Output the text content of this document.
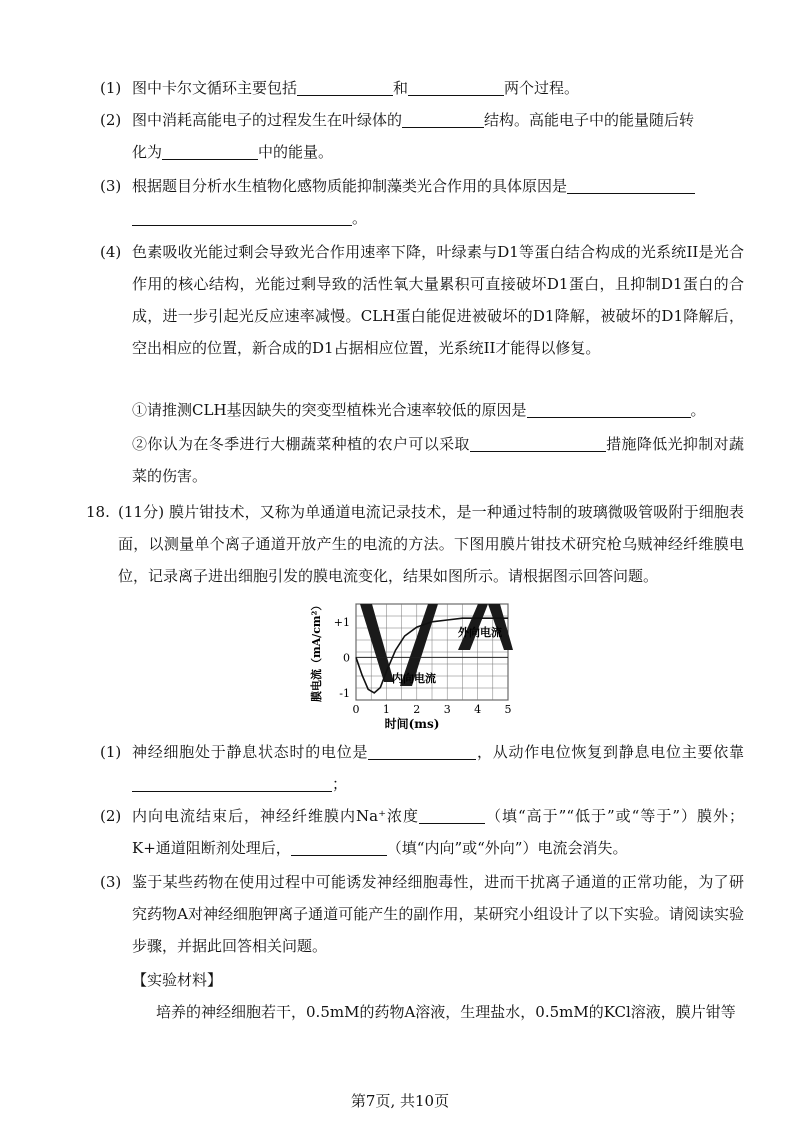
(1) 图中卡尔文循环主要包括	和	两个过程。
(2) 图中消耗高能电子的过程发生在叶绿体的	结构。高能电子中的能量随后转
化为	中的能量。
(3) 根据题目分析水生植物化感物质能抑制藻类光合作用的具体原因是
。
(4) 色素吸收光能过剩会导致光合作用速率下降，叶绿素与D1等蛋白结合构成的光系统II是光合作用的核心结构，光能过剩导致的活性氧大量累积可直接破坏D1蛋白，且抑制D1蛋白的合成，进一步引起光反应速率减慢。CLH蛋白能促进被破坏的D1降解，被破坏的D1降解后，空出相应的位置，新合成的D1占据相应位置，光系统II才能得以修复。
①请推测CLH基因缺失的突变型植株光合速率较低的原因是	。
②你认为在冬季进行大棚蔬菜种植的农户可以采取	措施降低光抑制对蔬菜的伤害。
18. (11分) 膜片钳技术，又称为单通道电流记录技术，是一种通过特制的玻璃微吸管吸附于细胞表面，以测量单个离子通道开放产生的电流的方法。下图用膜片钳技术研究枪乌贼神经纤维膜电位，记录离子进出细胞引发的膜电流变化，结果如图所示。请根据图示回答问题。
+1
0
-1
0 1 2 3 4 5
膜电流（mA/cm²）
时间(ms)
外向电流
内向电流
(1) 神经细胞处于静息状态时的电位是	，从动作电位恢复到静息电位主要依靠；
(2) 内向电流结束后，神经纤维膜内Na⁺浓度	（填“高于”“低于”或“等于”）膜外；K+通道阻断剂处理后，	（填“内向”或“外向”）电流会消失。
(3) 鉴于某些药物在使用过程中可能诱发神经细胞毒性，进而干扰离子通道的正常功能，为了研究药物A对神经细胞钾离子通道可能产生的副作用，某研究小组设计了以下实验。请阅读实验步骤，并据此回答相关问题。
【实验材料】
培养的神经细胞若干，0.5mM的药物A溶液，生理盐水，0.5mM的KCl溶液，膜片钳等
第7页, 共10页
